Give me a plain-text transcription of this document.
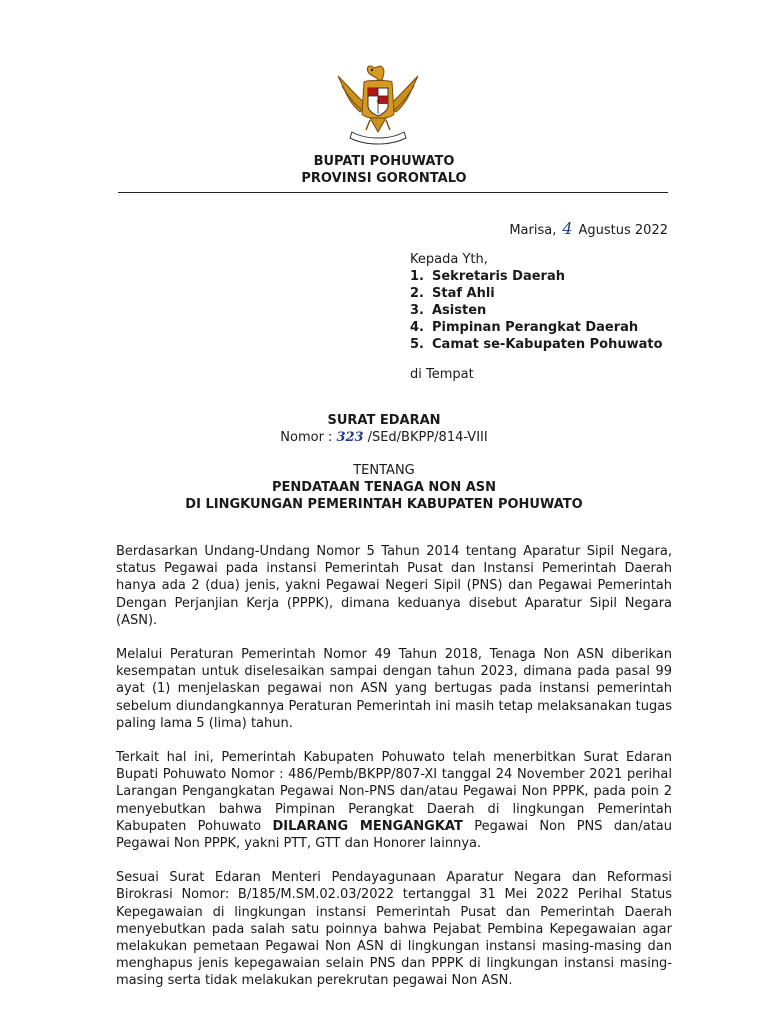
BUPATI POHUWATO
PROVINSI GORONTALO
Marisa, 4 Agustus 2022
Kepada Yth,
1. Sekretaris Daerah
2. Staf Ahli
3. Asisten
4. Pimpinan Perangkat Daerah
5. Camat se-Kabupaten Pohuwato
di Tempat
SURAT EDARAN
Nomor : 323 /SEd/BKPP/814-VIII
TENTANG
PENDATAAN TENAGA NON ASN
DI LINGKUNGAN PEMERINTAH KABUPATEN POHUWATO

Berdasarkan Undang-Undang Nomor 5 Tahun 2014 tentang Aparatur Sipil Negara, status Pegawai pada instansi Pemerintah Pusat dan Instansi Pemerintah Daerah hanya ada 2 (dua) jenis, yakni Pegawai Negeri Sipil (PNS) dan Pegawai Pemerintah Dengan Perjanjian Kerja (PPPK), dimana keduanya disebut Aparatur Sipil Negara (ASN).

Melalui Peraturan Pemerintah Nomor 49 Tahun 2018, Tenaga Non ASN diberikan kesempatan untuk diselesaikan sampai dengan tahun 2023, dimana pada pasal 99 ayat (1) menjelaskan pegawai non ASN yang bertugas pada instansi pemerintah sebelum diundangkannya Peraturan Pemerintah ini masih tetap melaksanakan tugas paling lama 5 (lima) tahun.

Terkait hal ini, Pemerintah Kabupaten Pohuwato telah menerbitkan Surat Edaran Bupati Pohuwato Nomor : 486/Pemb/BKPP/807-XI tanggal 24 November 2021 perihal Larangan Pengangkatan Pegawai Non-PNS dan/atau Pegawai Non PPPK, pada poin 2 menyebutkan bahwa Pimpinan Perangkat Daerah di lingkungan Pemerintah Kabupaten Pohuwato DILARANG MENGANGKAT Pegawai Non PNS dan/atau Pegawai Non PPPK, yakni PTT, GTT dan Honorer lainnya.

Sesuai Surat Edaran Menteri Pendayagunaan Aparatur Negara dan Reformasi Birokrasi Nomor: B/185/M.SM.02.03/2022 tertanggal 31 Mei 2022 Perihal Status Kepegawaian di lingkungan instansi Pemerintah Pusat dan Pemerintah Daerah menyebutkan pada salah satu poinnya bahwa Pejabat Pembina Kepegawaian agar melakukan pemetaan Pegawai Non ASN di lingkungan instansi masing-masing dan menghapus jenis kepegawaian selain PNS dan PPPK di lingkungan instansi masing-masing serta tidak melakukan perekrutan pegawai Non ASN.
